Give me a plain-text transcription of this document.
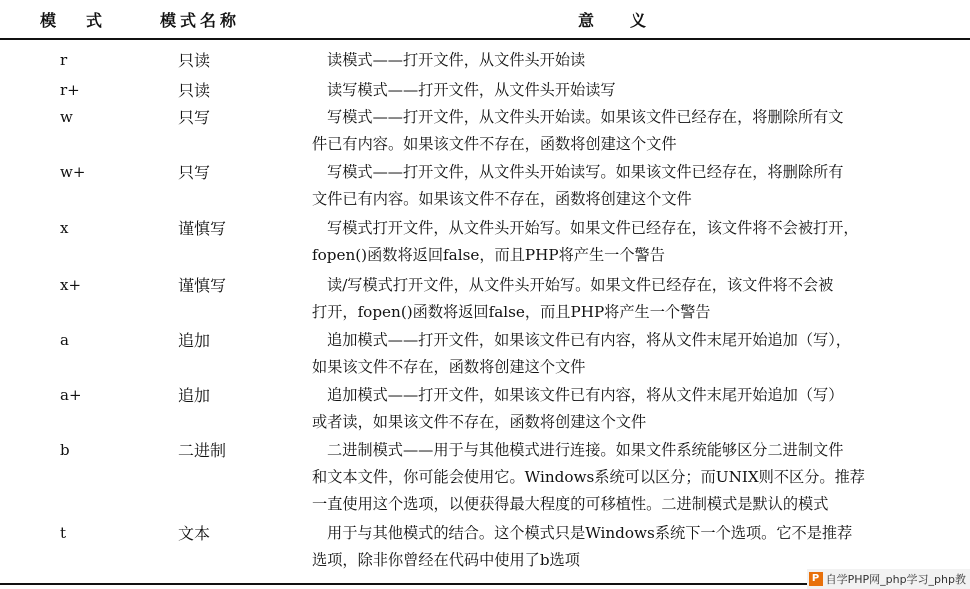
模式 模式名称	意义
r	只读	读模式——打开文件，从文件头开始读
r+	只读	读写模式——打开文件，从文件头开始读写
w	只写	写模式——打开文件，从文件头开始读。如果该文件已经存在，将删除所有文
件已有内容。如果该文件不存在，函数将创建这个文件
w+	只写	写模式——打开文件，从文件头开始读写。如果该文件已经存在，将删除所有
文件已有内容。如果该文件不存在，函数将创建这个文件
x	谨慎写	写模式打开文件，从文件头开始写。如果文件已经存在，该文件将不会被打开，
fopen()函数将返回false，而且PHP将产生一个警告
x+	谨慎写	读/写模式打开文件，从文件头开始写。如果文件已经存在，该文件将不会被
打开，fopen()函数将返回false，而且PHP将产生一个警告
a	追加	追加模式——打开文件，如果该文件已有内容，将从文件末尾开始追加（写），
如果该文件不存在，函数将创建这个文件
a+	追加	追加模式——打开文件，如果该文件已有内容，将从文件末尾开始追加（写）
或者读，如果该文件不存在，函数将创建这个文件
b	二进制	二进制模式——用于与其他模式进行连接。如果文件系统能够区分二进制文件
和文本文件，你可能会使用它。Windows系统可以区分；而UNIX则不区分。推荐
一直使用这个选项，以便获得最大程度的可移植性。二进制模式是默认的模式
t	文本	用于与其他模式的结合。这个模式只是Windows系统下一个选项。它不是推荐
选项，除非你曾经在代码中使用了b选项
P 自学PHP网_php学习_php教
